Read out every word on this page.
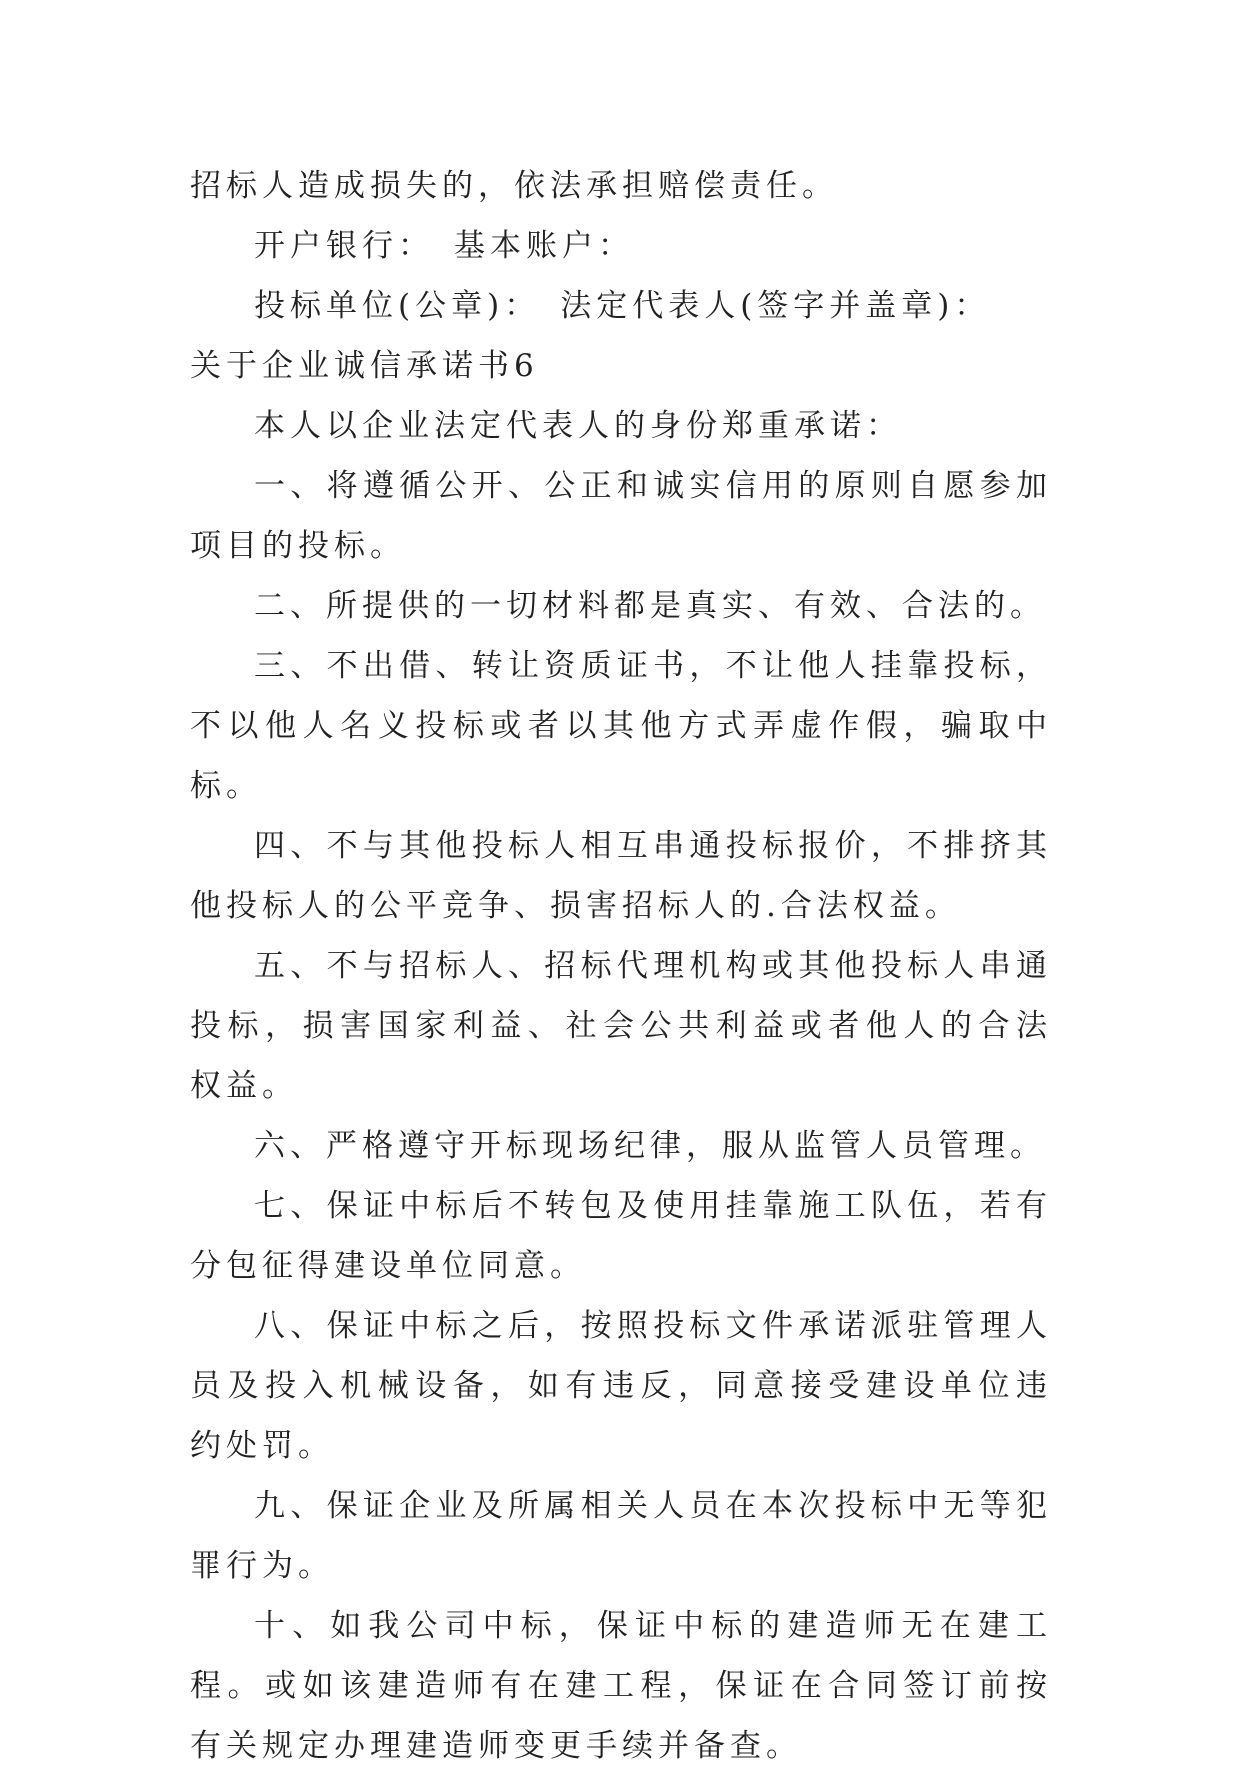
招标人造成损失的，依法承担赔偿责任。

开户银行： 基本账户：

投标单位(公章)： 法定代表人(签字并盖章)：

关于企业诚信承诺书6

本人以企业法定代表人的身份郑重承诺：

一、将遵循公开、公正和诚实信用的原则自愿参加项目的投标。

二、所提供的一切材料都是真实、有效、合法的。

三、不出借、转让资质证书，不让他人挂靠投标，不以他人名义投标或者以其他方式弄虚作假，骗取中标。

四、不与其他投标人相互串通投标报价，不排挤其他投标人的公平竞争、损害招标人的.合法权益。

五、不与招标人、招标代理机构或其他投标人串通投标，损害国家利益、社会公共利益或者他人的合法权益。

六、严格遵守开标现场纪律，服从监管人员管理。

七、保证中标后不转包及使用挂靠施工队伍，若有分包征得建设单位同意。

八、保证中标之后，按照投标文件承诺派驻管理人员及投入机械设备，如有违反，同意接受建设单位违约处罚。

九、保证企业及所属相关人员在本次投标中无等犯罪行为。

十、如我公司中标，保证中标的建造师无在建工程。或如该建造师有在建工程，保证在合同签订前按有关规定办理建造师变更手续并备查。
